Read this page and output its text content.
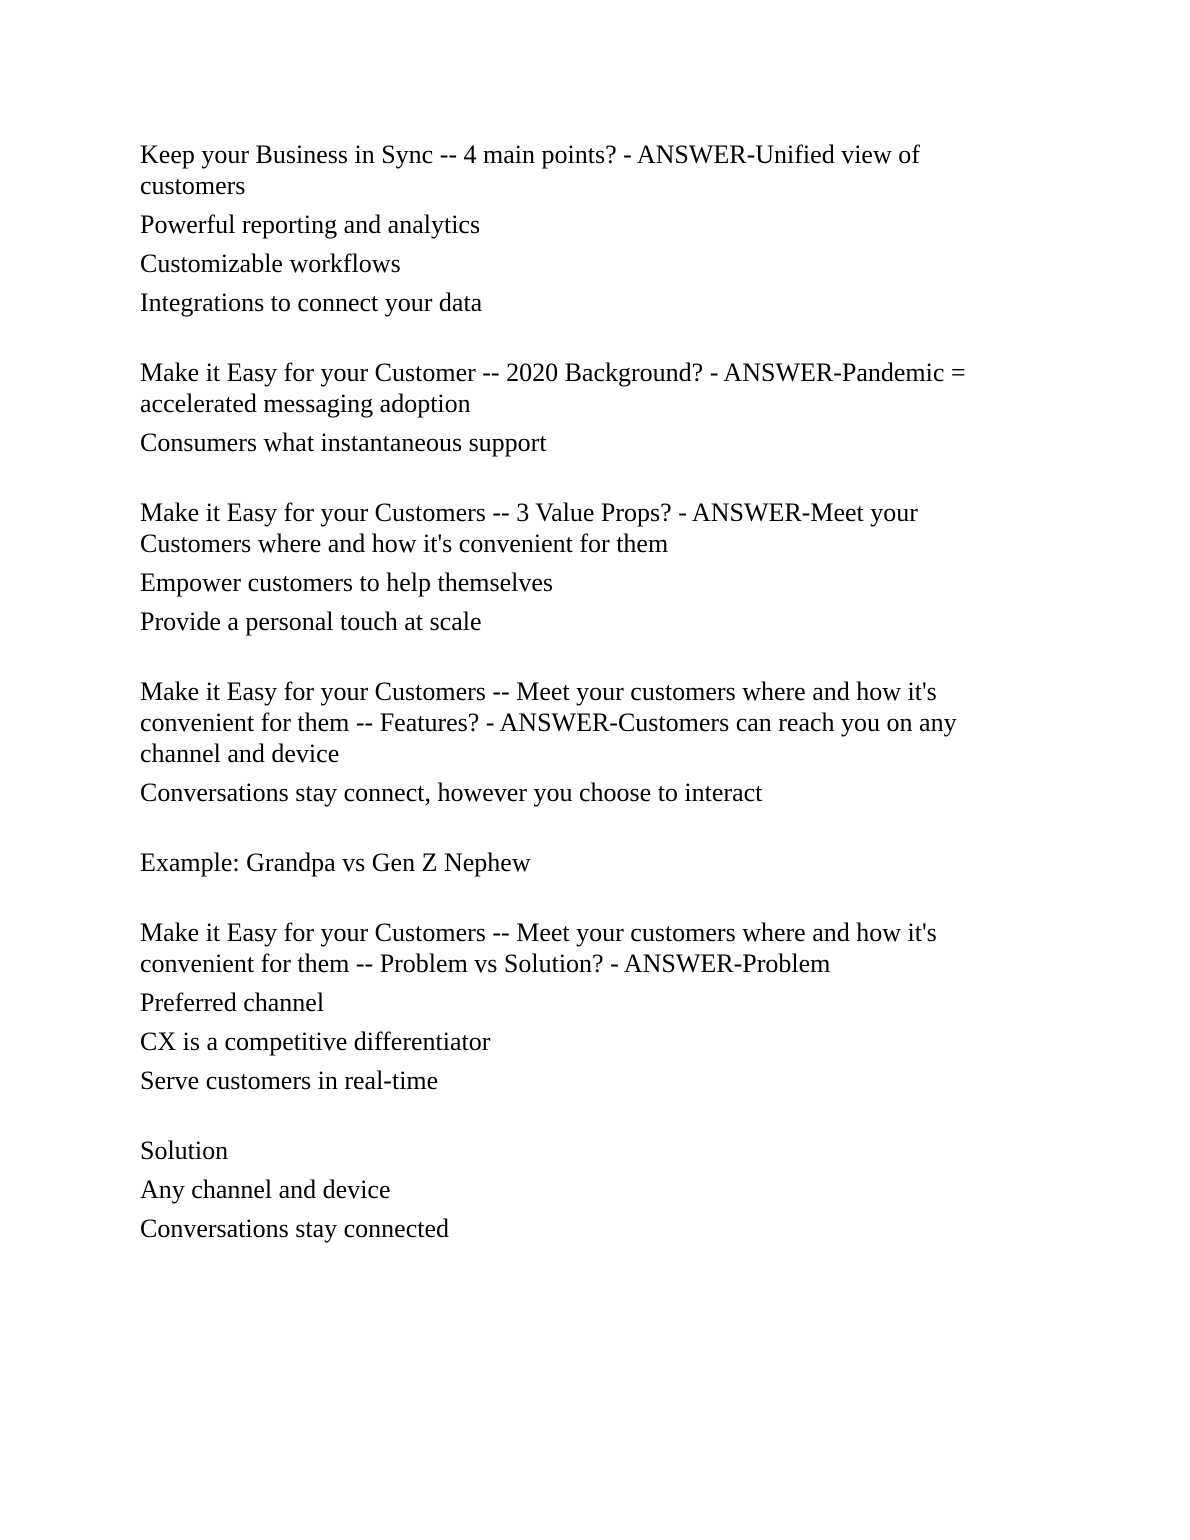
Keep your Business in Sync -- 4 main points? - ANSWER-Unified view of customers

Powerful reporting and analytics

Customizable workflows

Integrations to connect your data

Make it Easy for your Customer -- 2020 Background? - ANSWER-Pandemic = accelerated messaging adoption

Consumers what instantaneous support

Make it Easy for your Customers -- 3 Value Props? - ANSWER-Meet your Customers where and how it's convenient for them

Empower customers to help themselves

Provide a personal touch at scale

Make it Easy for your Customers -- Meet your customers where and how it's convenient for them -- Features? - ANSWER-Customers can reach you on any channel and device

Conversations stay connect, however you choose to interact

Example: Grandpa vs Gen Z Nephew

Make it Easy for your Customers -- Meet your customers where and how it's convenient for them -- Problem vs Solution? - ANSWER-Problem

Preferred channel

CX is a competitive differentiator

Serve customers in real-time

Solution

Any channel and device

Conversations stay connected
